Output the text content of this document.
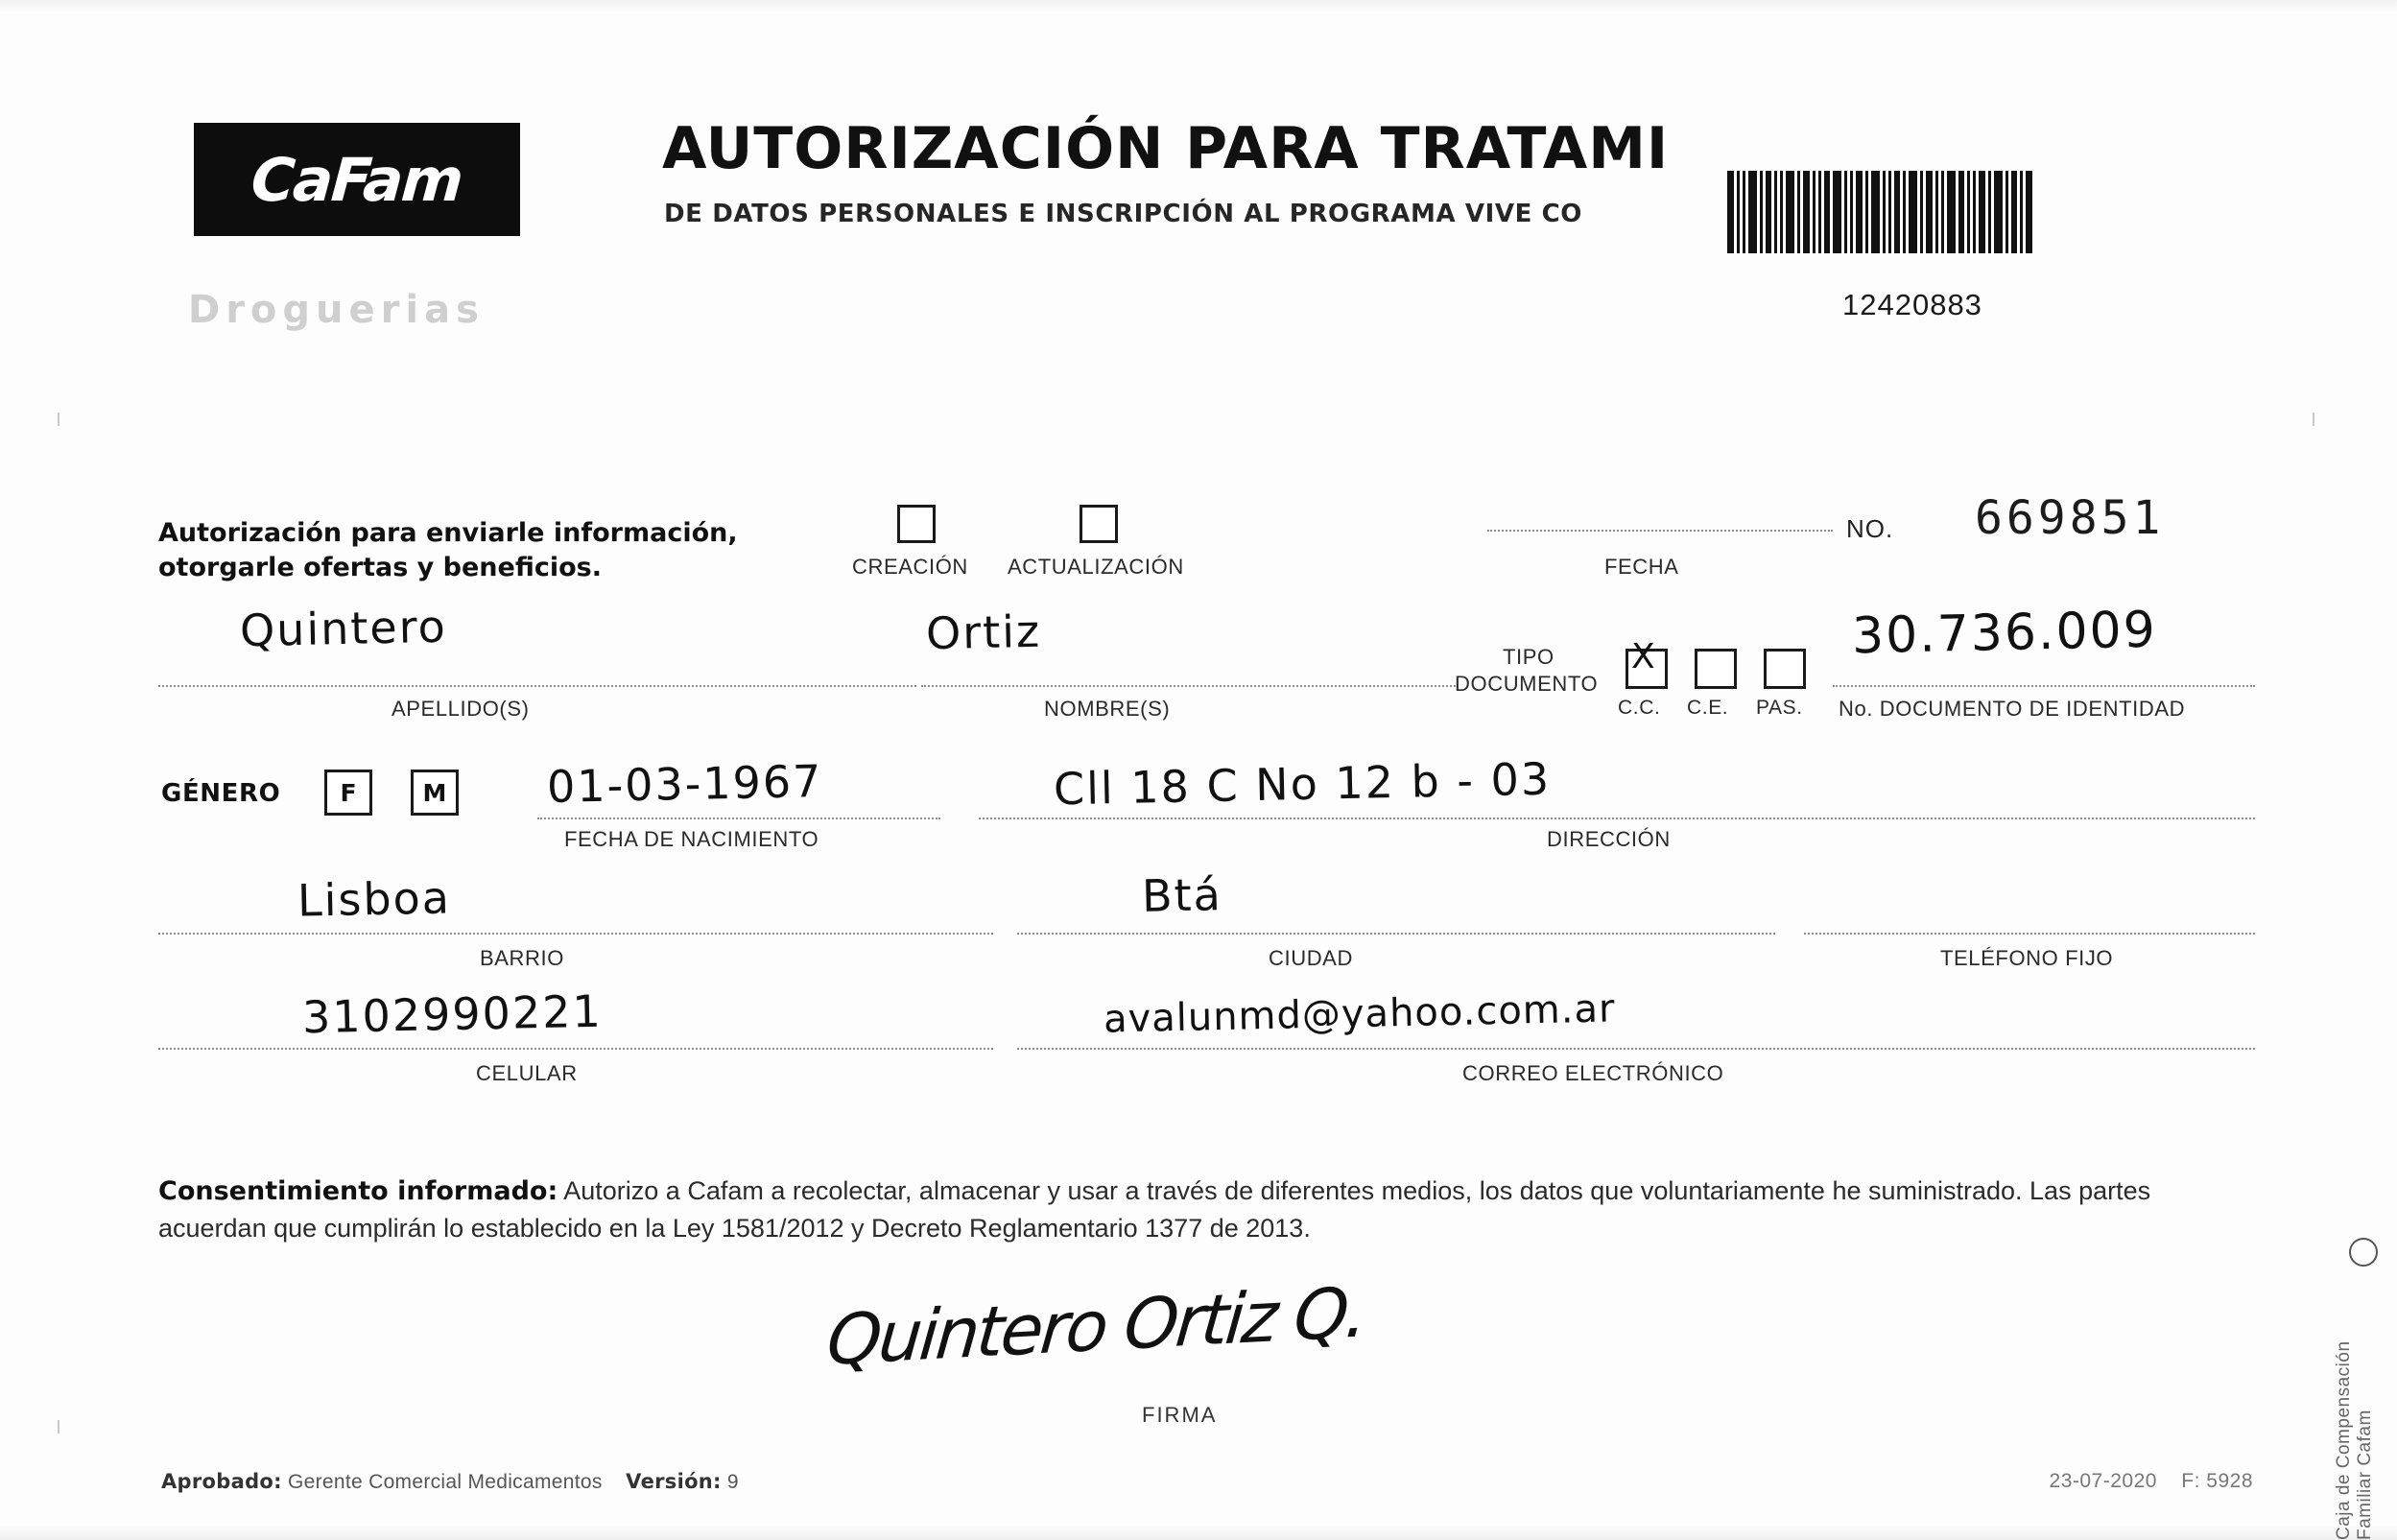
CaFam
Droguerias
AUTORIZACIÓN PARA TRATAMI
DE DATOS PERSONALES E INSCRIPCIÓN AL PROGRAMA VIVE CO
12420883
Autorización para enviarle información, otorgarle ofertas y beneficios.	CREACIÓN ACTUALIZACIÓN	FECHA
NO. 669851
Quintero
APELLIDO(S)
Ortiz
NOMBRE(S)
TIPO
DOCUMENTO
X
C.C. C.E. PAS.
30.736.009
No. DOCUMENTO DE IDENTIDAD
GÉNERO	F	M 01-03-1967
FECHA DE NACIMIENTO
Cll 18 C No 12 b - 03
DIRECCIÓN
Lisboa
BARRIO
Btá
CIUDAD	TELÉFONO FIJO
3102990221
CELULAR
avalunmd@yahoo.com.ar
CORREO ELECTRÓNICO
Consentimiento informado: Autorizo a Cafam a recolectar, almacenar y usar a través de diferentes medios, los datos que voluntariamente he suministrado. Las partes acuerdan que cumplirán lo establecido en la Ley 1581/2012 y Decreto Reglamentario 1377 de 2013.
Quintero Ortiz Q.
FIRMA	Caja de Compensación Familiar Cafam
Aprobado: Gerente Comercial Medicamentos Versión: 9	23-07-2020 F: 5928
